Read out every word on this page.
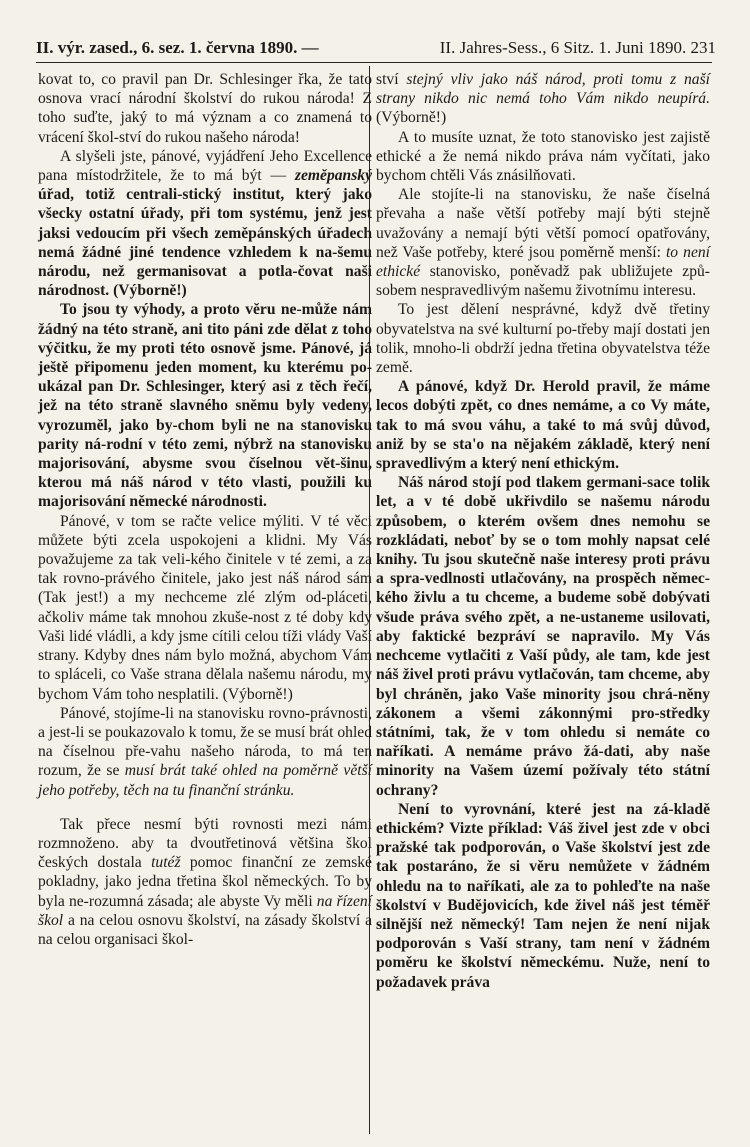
II. výr. zased., 6. sez. 1. června 1890. —	II. Jahres-Sess., 6 Sitz. 1. Juni 1890. 231

kovat to, co pravil pan Dr. Schlesinger řka, že tato osnova vrací národní školství do rukou národa! Z toho suďte, jaký to má význam a co znamená to vrácení škol-ství do rukou našeho národa!

A slyšeli jste, pánové, vyjádření Jeho Excellence pana místodržitele, že to má být — zeměpanský úřad, totiž centrali-stický institut, který jako všecky ostatní úřady, při tom systému, jenž jest jaksi vedoucím při všech zeměpánských úřadech nemá žádné jiné tendence vzhledem k na-šemu národu, než germanisovat a potla-čovat naši národnost. (Výborně!)

To jsou ty výhody, a proto věru ne-může nám žádný na této straně, ani tito páni zde dělat z toho výčitku, že my proti této osnově jsme. Pánové, já ještě připomenu jeden moment, ku kterému po-ukázal pan Dr. Schlesinger, který asi z těch řečí, jež na této straně slavného sněmu byly vedeny, vyrozuměl, jako by-chom byli ne na stanovisku parity ná-rodní v této zemi, nýbrž na stanovisku majorisování, abysme svou číselnou vět-šinu, kterou má náš národ v této vlasti, použili ku majorisování německé národnosti.

Pánové, v tom se račte velice mýliti. V té věci můžete býti zcela uspokojeni a klidni. My Vás považujeme za tak veli-kého činitele v té zemi, a za tak rovno-právého činitele, jako jest náš národ sám (Tak jest!) a my nechceme zlé zlým od-pláceti, ačkoliv máme tak mnohou zkuše-nost z té doby kdy Vaši lidé vládli, a kdy jsme cítili celou tíži vlády Vaší strany. Kdyby dnes nám bylo možná, abychom Vám to spláceli, co Vaše strana dělala našemu národu, my bychom Vám toho nesplatili. (Výborně!)

Pánové, stojíme-li na stanovisku rovno-právnosti, a jest-li se poukazovalo k tomu, že se musí brát ohled na číselnou pře-vahu našeho národa, to má ten rozum, že se musí brát také ohled na poměrně větší jeho potřeby, těch na tu finanční stránku.

Tak přece nesmí býti rovnosti mezi námi rozmnoženo. aby ta dvoutřetinová většina škol českých dostala tutéž pomoc finanční ze zemské pokladny, jako jedna třetina škol německých. To by byla ne-rozumná zásada; ale abyste Vy měli na řízení škol a na celou osnovu školství, na zásady školství a na celou organisaci škol-

ství stejný vliv jako náš národ, proti tomu z naší strany nikdo nic nemá toho Vám nikdo neupírá. (Výborně!)

A to musíte uznat, že toto stanovisko jest zajistě ethické a že nemá nikdo práva nám vyčítati, jako bychom chtěli Vás znásilňovati.

Ale stojíte-li na stanovisku, že naše číselná převaha a naše větší potřeby mají býti stejně uvažovány a nemají býti větší pomocí opatřovány, než Vaše potřeby, které jsou poměrně menší: to není ethické stanovisko, poněvadž pak ubližujete způ-sobem nespravedlivým našemu životnímu interesu.

To jest dělení nesprávné, když dvě třetiny obyvatelstva na své kulturní po-třeby mají dostati jen tolik, mnoho-li obdrží jedna třetina obyvatelstva téže země.

A pánové, když Dr. Herold pravil, že máme lecos dobýti zpět, co dnes nemáme, a co Vy máte, tak to má svou váhu, a také to má svůj důvod, aniž by se sta'o na nějakém základě, který není spravedlivým a který není ethickým.

Náš národ stojí pod tlakem germani-sace tolik let, a v té době ukřivdilo se našemu národu způsobem, o kterém ovšem dnes nemohu se rozkládati, neboť by se o tom mohly napsat celé knihy. Tu jsou skutečně naše interesy proti právu a spra-vedlnosti utlačovány, na prospěch němec-kého živlu a tu chceme, a budeme sobě dobývati všude práva svého zpět, a ne-ustaneme usilovati, aby faktické bezpráví se napravilo. My Vás nechceme vytlačiti z Vaší půdy, ale tam, kde jest náš živel proti právu vytlačován, tam chceme, aby byl chráněn, jako Vaše minority jsou chrá-něny zákonem a všemi zákonnými pro-středky státními, tak, že v tom ohledu si nemáte co naříkati. A nemáme právo žá-dati, aby naše minority na Vašem území požívaly této státní ochrany?

Není to vyrovnání, které jest na zá-kladě ethickém? Vizte příklad: Váš živel jest zde v obci pražské tak podporován, o Vaše školství jest zde tak postaráno, že si věru nemůžete v žádném ohledu na to naříkati, ale za to pohleďte na naše školství v Budějovicích, kde živel náš jest téměř silnější než německý! Tam nejen že není nijak podporován s Vaší strany, tam není v žádném poměru ke školství německému. Nuže, není to požadavek práva
